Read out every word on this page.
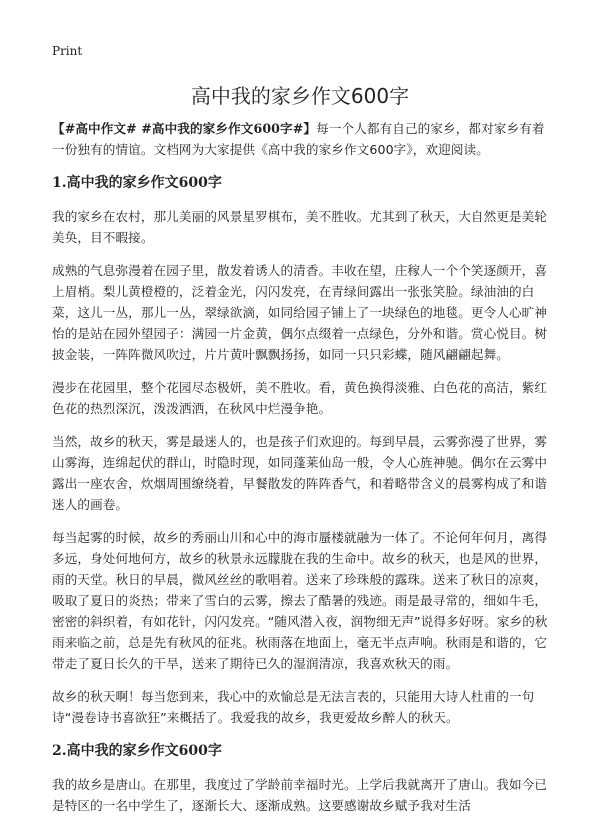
Print
高中我的家乡作文600字

【#高中作文# #高中我的家乡作文600字#】每一个人都有自己的家乡，都对家乡有着一份独有的情谊。文档网为大家提供《高中我的家乡作文600字》，欢迎阅读。

1.高中我的家乡作文600字

我的家乡在农村，那儿美丽的风景星罗棋布，美不胜收。尤其到了秋天，大自然更是美轮美奂，目不暇接。

成熟的气息弥漫着在园子里，散发着诱人的清香。丰收在望，庄稼人一个个笑逐颜开，喜上眉梢。梨儿黄橙橙的，泛着金光，闪闪发亮，在青绿间露出一张张笑脸。绿油油的白菜，这儿一丛，那儿一丛，翠绿欲滴，如同给园子铺上了一块绿色的地毯。更令人心旷神怡的是站在园外望园子：满园一片金黄，偶尔点缀着一点绿色，分外和谐。赏心悦目。树披金装，一阵阵微风吹过，片片黄叶飘飘扬扬，如同一只只彩蝶，随风翩翩起舞。

漫步在花园里，整个花园尽态极妍，美不胜收。看，黄色换得淡雅、白色花的高洁，紫红色花的热烈深沉，泼泼洒洒，在秋风中烂漫争艳。

当然，故乡的秋天，雾是最迷人的，也是孩子们欢迎的。每到早晨，云雾弥漫了世界，雾山雾海，连绵起伏的群山，时隐时现，如同蓬莱仙岛一般，令人心旌神驰。偶尔在云雾中露出一座农舍，炊烟周围缭绕着，早餐散发的阵阵香气，和着略带含义的晨雾构成了和谐迷人的画卷。

每当起雾的时候，故乡的秀丽山川和心中的海市蜃楼就融为一体了。不论何年何月，离得多远，身处何地何方，故乡的秋景永远朦胧在我的生命中。故乡的秋天，也是风的世界，雨的天堂。秋日的早晨，微风丝丝的歌唱着。送来了珍珠般的露珠。送来了秋日的凉爽，吸取了夏日的炎热；带来了雪白的云雾，擦去了酷暑的残迹。雨是最寻常的，细如牛毛，密密的斜织着，有如花针，闪闪发亮。“随风潜入夜，润物细无声”说得多好呀。家乡的秋雨来临之前，总是先有秋风的征兆。秋雨落在地面上，毫无半点声响。秋雨是和谐的，它带走了夏日长久的干旱，送来了期待已久的湿润清凉，我喜欢秋天的雨。

故乡的秋天啊！每当您到来，我心中的欢愉总是无法言表的，只能用大诗人杜甫的一句诗“漫卷诗书喜欲狂”来概括了。我爱我的故乡，我更爱故乡醉人的秋天。

2.高中我的家乡作文600字

我的故乡是唐山。在那里，我度过了学龄前幸福时光。上学后我就离开了唐山。我如今已是特区的一名中学生了，逐渐长大、逐渐成熟。这要感谢故乡赋予我对生活
